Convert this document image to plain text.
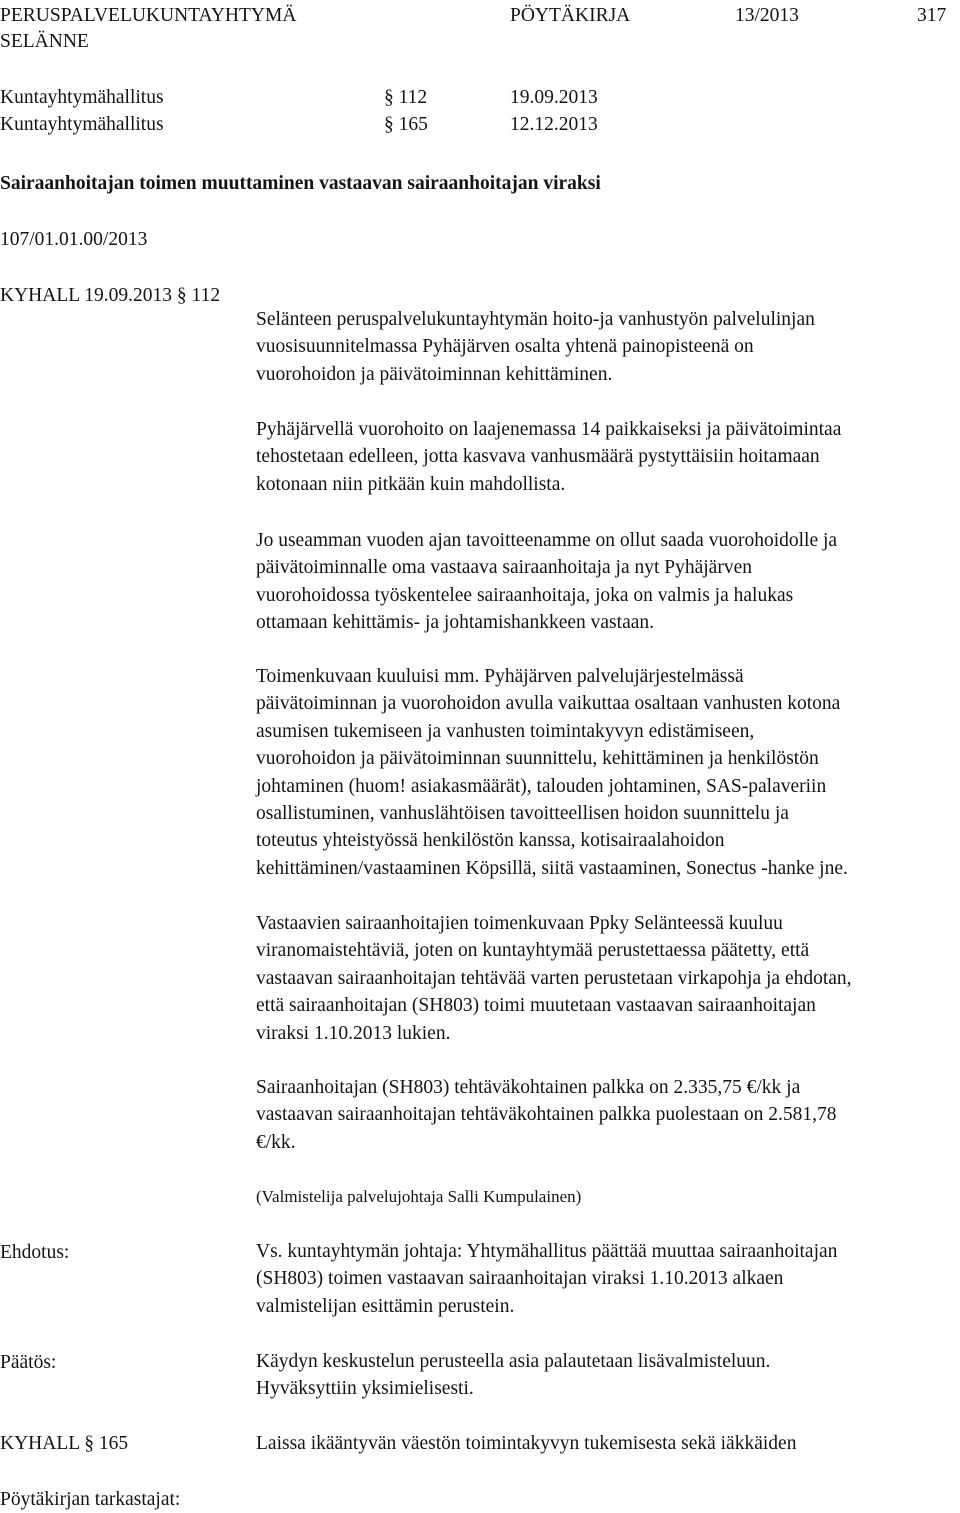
PERUSPALVELUKUNTAYHTYMÄ
SELÄNNE
PÖYTÄKIRJA	13/2013	317
Kuntayhtymähallitus	§ 112	19.09.2013
Kuntayhtymähallitus	§ 165	12.12.2013
Sairaanhoitajan toimen muuttaminen vastaavan sairaanhoitajan viraksi
107/01.01.00/2013
KYHALL 19.09.2013 § 112
Selänteen peruspalvelukuntayhtymän hoito-ja vanhustyön palvelulinjan
vuosisuunnitelmassa Pyhäjärven osalta yhtenä painopisteenä on
vuorohoidon ja päivätoiminnan kehittäminen.
Pyhäjärvellä vuorohoito on laajenemassa 14 paikkaiseksi ja päivätoimintaa
tehostetaan edelleen, jotta kasvava vanhusmäärä pystyttäisiin hoitamaan
kotonaan niin pitkään kuin mahdollista.
Jo useamman vuoden ajan tavoitteenamme on ollut saada vuorohoidolle ja
päivätoiminnalle oma vastaava sairaanhoitaja ja nyt Pyhäjärven
vuorohoidossa työskentelee sairaanhoitaja, joka on valmis ja halukas
ottamaan kehittämis- ja johtamishankkeen vastaan.
Toimenkuvaan kuuluisi mm. Pyhäjärven palvelujärjestelmässä
päivätoiminnan ja vuorohoidon avulla vaikuttaa osaltaan vanhusten kotona
asumisen tukemiseen ja vanhusten toimintakyvyn edistämiseen,
vuorohoidon ja päivätoiminnan suunnittelu, kehittäminen ja henkilöstön
johtaminen (huom! asiakasmäärät), talouden johtaminen, SAS-palaveriin
osallistuminen, vanhuslähtöisen tavoitteellisen hoidon suunnittelu ja
toteutus yhteistyössä henkilöstön kanssa, kotisairaalahoidon
kehittäminen/vastaaminen Köpsillä, siitä vastaaminen, Sonectus -hanke jne.
Vastaavien sairaanhoitajien toimenkuvaan Ppky Selänteessä kuuluu
viranomaistehtäviä, joten on kuntayhtymää perustettaessa päätetty, että
vastaavan sairaanhoitajan tehtävää varten perustetaan virkapohja ja ehdotan,
että sairaanhoitajan (SH803) toimi muutetaan vastaavan sairaanhoitajan
viraksi 1.10.2013 lukien.
Sairaanhoitajan (SH803) tehtäväkohtainen palkka on 2.335,75 €/kk ja
vastaavan sairaanhoitajan tehtäväkohtainen palkka puolestaan on 2.581,78
€/kk.
(Valmistelija palvelujohtaja Salli Kumpulainen)
Ehdotus:	Vs. kuntayhtymän johtaja: Yhtymähallitus päättää muuttaa sairaanhoitajan
(SH803) toimen vastaavan sairaanhoitajan viraksi 1.10.2013 alkaen
valmistelijan esittämin perustein.
Päätös:	Käydyn keskustelun perusteella asia palautetaan lisävalmisteluun.
Hyväksyttiin yksimielisesti.
KYHALL § 165	Laissa ikääntyvän väestön toimintakyvyn tukemisesta sekä iäkkäiden
Pöytäkirjan tarkastajat:
